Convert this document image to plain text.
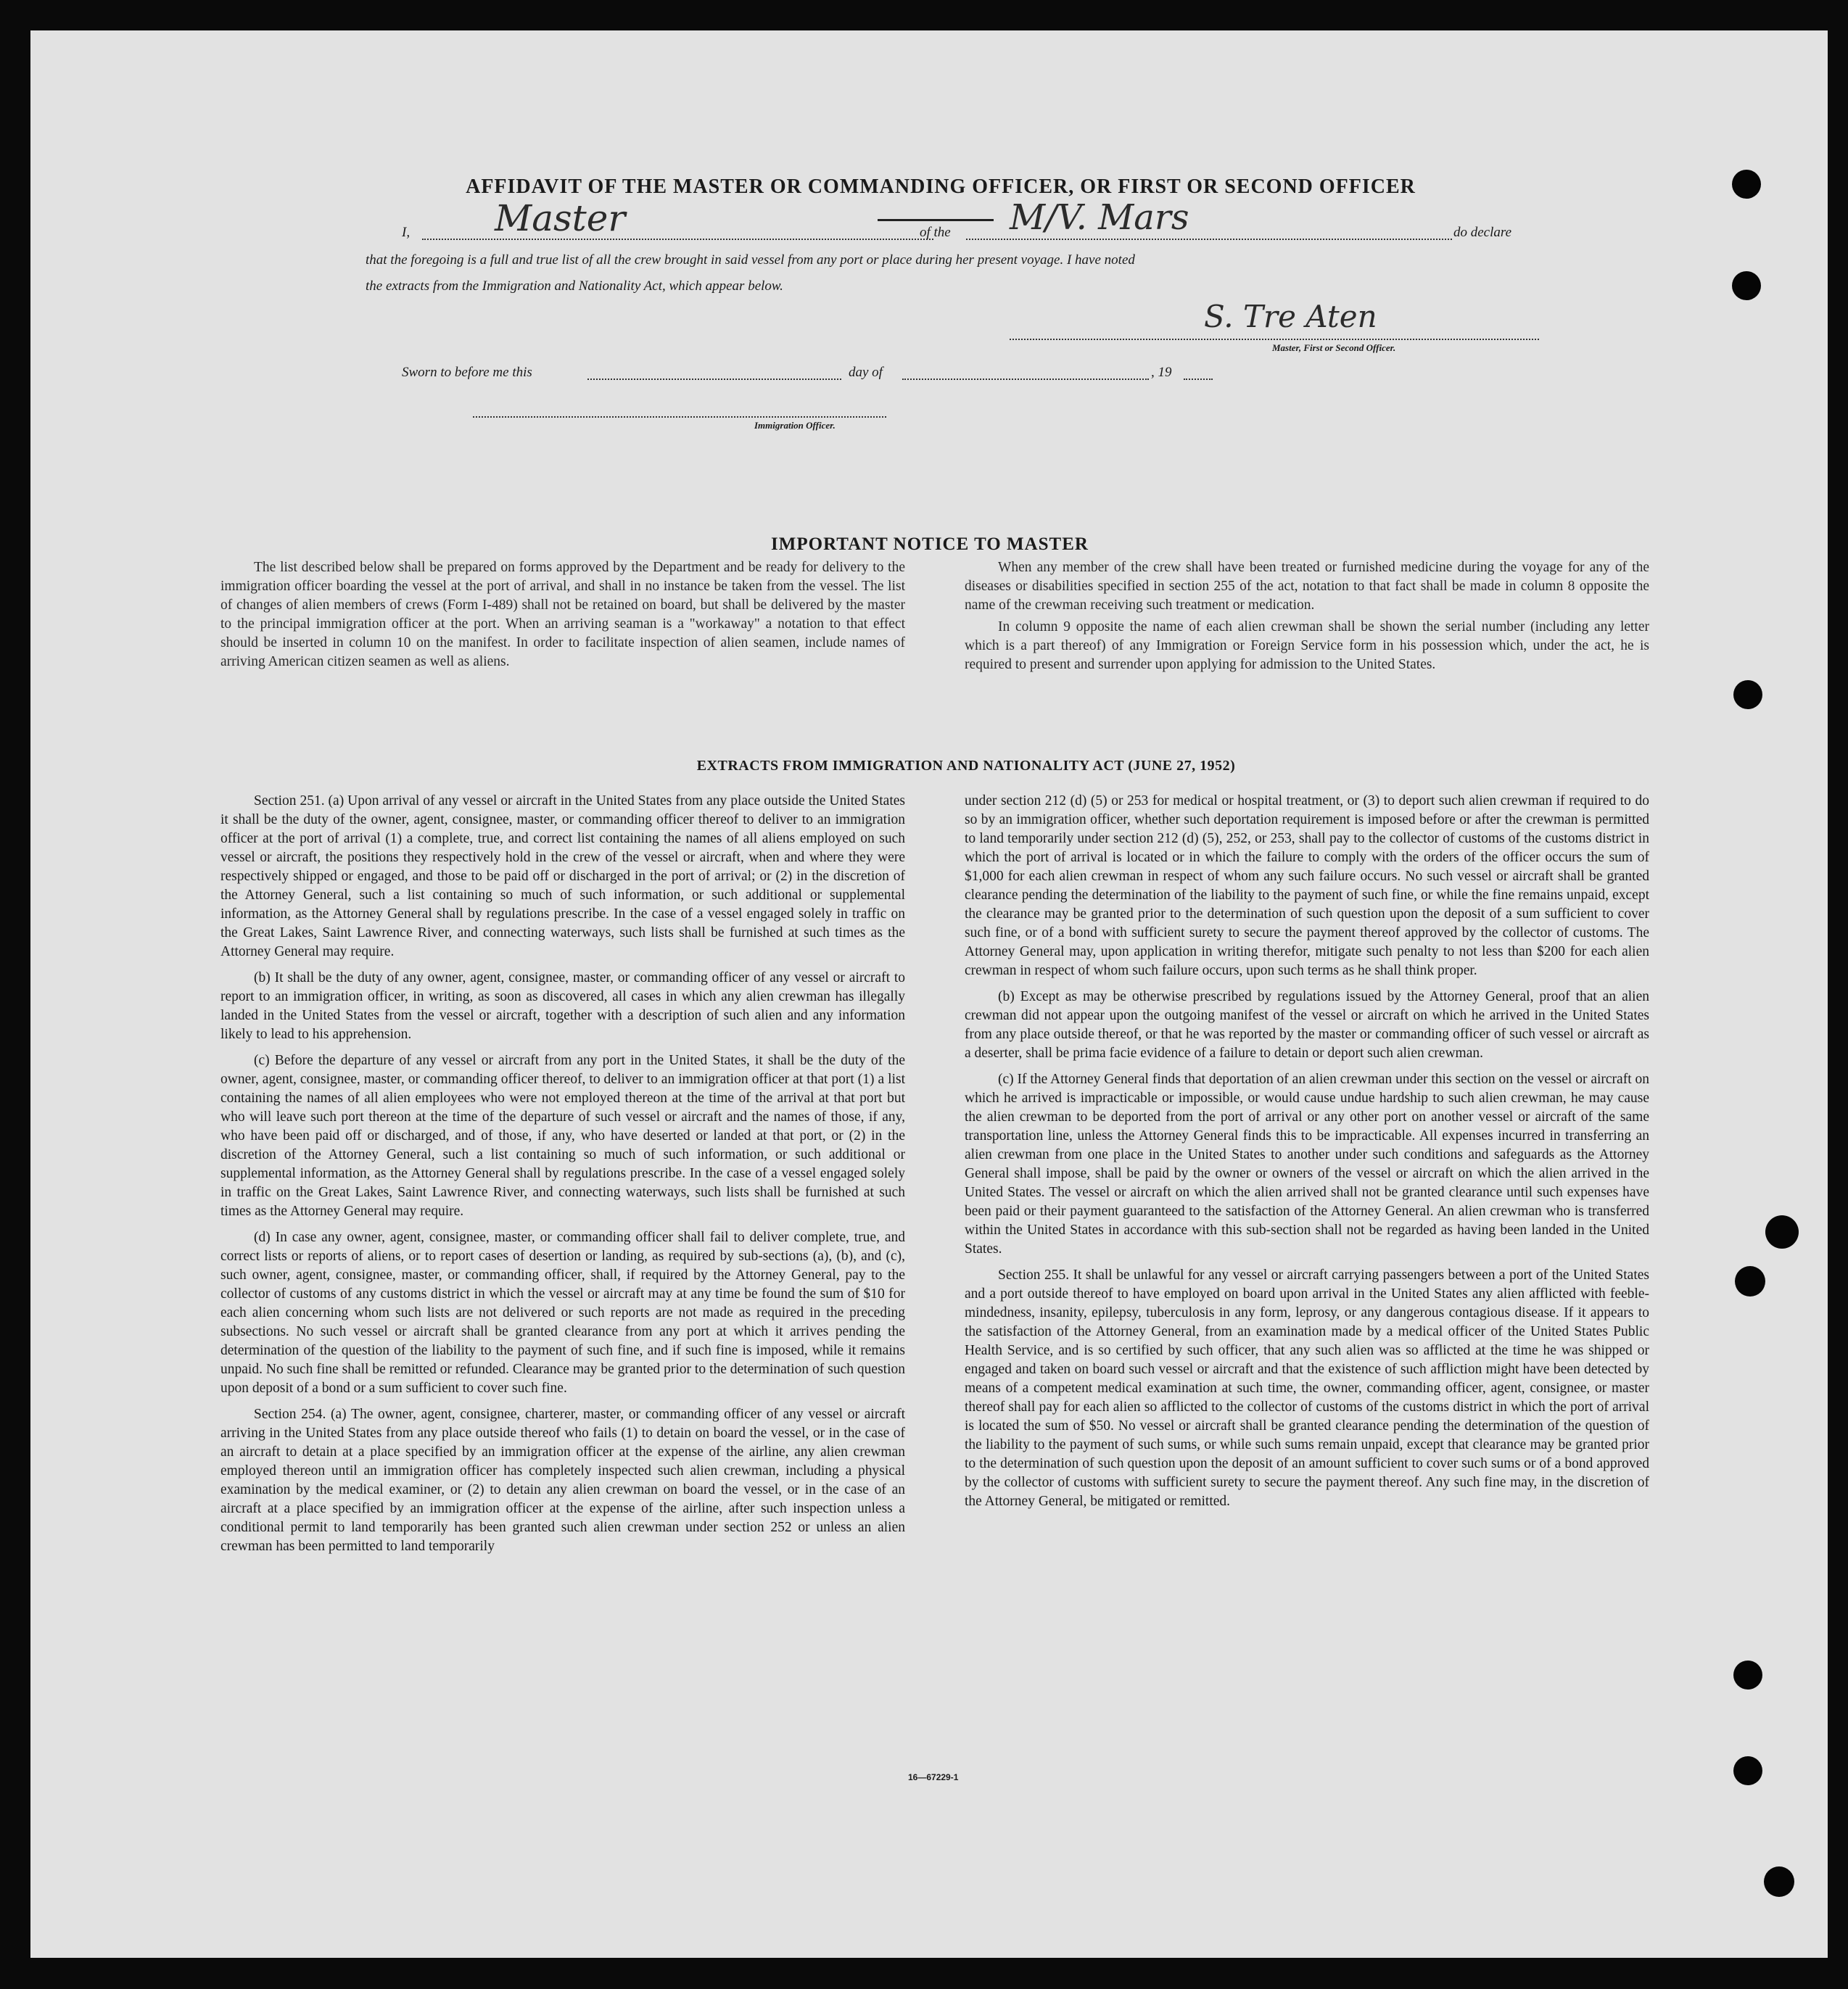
AFFIDAVIT OF THE MASTER OR COMMANDING OFFICER, OR FIRST OR SECOND OFFICER
I, Master	of the M/V. Mars	do declare
that the foregoing is a full and true list of all the crew brought in said vessel from any port or place during her present voyage. I have noted
the extracts from the Immigration and Nationality Act, which appear below.
S. Tre Aten
Master, First or Second Officer.
Sworn to before me this	day of	, 19
Immigration Officer.
IMPORTANT NOTICE TO MASTER

The list described below shall be prepared on forms approved by the Department and be ready for delivery to the immigration officer boarding the vessel at the port of arrival, and shall in no instance be taken from the vessel. The list of changes of alien members of crews (Form I-489) shall not be retained on board, but shall be delivered by the master to the principal immigration officer at the port. When an arriving seaman is a "workaway" a notation to that effect should be inserted in column 10 on the manifest. In order to facilitate inspection of alien seamen, include names of arriving American citizen seamen as well as aliens.

When any member of the crew shall have been treated or furnished medicine during the voyage for any of the diseases or disabilities specified in section 255 of the act, notation to that fact shall be made in column 8 opposite the name of the crewman receiving such treatment or medication.

In column 9 opposite the name of each alien crewman shall be shown the serial number (including any letter which is a part thereof) of any Immigration or Foreign Service form in his possession which, under the act, he is required to present and surrender upon applying for admission to the United States.

EXTRACTS FROM IMMIGRATION AND NATIONALITY ACT (JUNE 27, 1952)

Section 251. (a) Upon arrival of any vessel or aircraft in the United States from any place outside the United States it shall be the duty of the owner, agent, consignee, master, or commanding officer thereof to deliver to an immigration officer at the port of arrival (1) a complete, true, and correct list containing the names of all aliens employed on such vessel or aircraft, the positions they respectively hold in the crew of the vessel or aircraft, when and where they were respectively shipped or engaged, and those to be paid off or discharged in the port of arrival; or (2) in the discretion of the Attorney General, such a list containing so much of such information, or such additional or supplemental information, as the Attorney General shall by regulations prescribe. In the case of a vessel engaged solely in traffic on the Great Lakes, Saint Lawrence River, and connecting waterways, such lists shall be furnished at such times as the Attorney General may require.

(b) It shall be the duty of any owner, agent, consignee, master, or commanding officer of any vessel or aircraft to report to an immigration officer, in writing, as soon as discovered, all cases in which any alien crewman has illegally landed in the United States from the vessel or aircraft, together with a description of such alien and any information likely to lead to his apprehension.

(c) Before the departure of any vessel or aircraft from any port in the United States, it shall be the duty of the owner, agent, consignee, master, or commanding officer thereof, to deliver to an immigration officer at that port (1) a list containing the names of all alien employees who were not employed thereon at the time of the arrival at that port but who will leave such port thereon at the time of the departure of such vessel or aircraft and the names of those, if any, who have been paid off or discharged, and of those, if any, who have deserted or landed at that port, or (2) in the discretion of the Attorney General, such a list containing so much of such information, or such additional or supplemental information, as the Attorney General shall by regulations prescribe. In the case of a vessel engaged solely in traffic on the Great Lakes, Saint Lawrence River, and connecting waterways, such lists shall be furnished at such times as the Attorney General may require.

(d) In case any owner, agent, consignee, master, or commanding officer shall fail to deliver complete, true, and correct lists or reports of aliens, or to report cases of desertion or landing, as required by sub-sections (a), (b), and (c), such owner, agent, consignee, master, or commanding officer, shall, if required by the Attorney General, pay to the collector of customs of any customs district in which the vessel or aircraft may at any time be found the sum of $10 for each alien concerning whom such lists are not delivered or such reports are not made as required in the preceding subsections. No such vessel or aircraft shall be granted clearance from any port at which it arrives pending the determination of the question of the liability to the payment of such fine, and if such fine is imposed, while it remains unpaid. No such fine shall be remitted or refunded. Clearance may be granted prior to the determination of such question upon deposit of a bond or a sum sufficient to cover such fine.

Section 254. (a) The owner, agent, consignee, charterer, master, or commanding officer of any vessel or aircraft arriving in the United States from any place outside thereof who fails (1) to detain on board the vessel, or in the case of an aircraft to detain at a place specified by an immigration officer at the expense of the airline, any alien crewman employed thereon until an immigration officer has completely inspected such alien crewman, including a physical examination by the medical examiner, or (2) to detain any alien crewman on board the vessel, or in the case of an aircraft at a place specified by an immigration officer at the expense of the airline, after such inspection unless a conditional permit to land temporarily has been granted such alien crewman under section 252 or unless an alien crewman has been permitted to land temporarily

under section 212 (d) (5) or 253 for medical or hospital treatment, or (3) to deport such alien crewman if required to do so by an immigration officer, whether such deportation requirement is imposed before or after the crewman is permitted to land temporarily under section 212 (d) (5), 252, or 253, shall pay to the collector of customs of the customs district in which the port of arrival is located or in which the failure to comply with the orders of the officer occurs the sum of $1,000 for each alien crewman in respect of whom any such failure occurs. No such vessel or aircraft shall be granted clearance pending the determination of the liability to the payment of such fine, or while the fine remains unpaid, except the clearance may be granted prior to the determination of such question upon the deposit of a sum sufficient to cover such fine, or of a bond with sufficient surety to secure the payment thereof approved by the collector of customs. The Attorney General may, upon application in writing therefor, mitigate such penalty to not less than $200 for each alien crewman in respect of whom such failure occurs, upon such terms as he shall think proper.

(b) Except as may be otherwise prescribed by regulations issued by the Attorney General, proof that an alien crewman did not appear upon the outgoing manifest of the vessel or aircraft on which he arrived in the United States from any place outside thereof, or that he was reported by the master or commanding officer of such vessel or aircraft as a deserter, shall be prima facie evidence of a failure to detain or deport such alien crewman.

(c) If the Attorney General finds that deportation of an alien crewman under this section on the vessel or aircraft on which he arrived is impracticable or impossible, or would cause undue hardship to such alien crewman, he may cause the alien crewman to be deported from the port of arrival or any other port on another vessel or aircraft of the same transportation line, unless the Attorney General finds this to be impracticable. All expenses incurred in transferring an alien crewman from one place in the United States to another under such conditions and safeguards as the Attorney General shall impose, shall be paid by the owner or owners of the vessel or aircraft on which the alien arrived in the United States. The vessel or aircraft on which the alien arrived shall not be granted clearance until such expenses have been paid or their payment guaranteed to the satisfaction of the Attorney General. An alien crewman who is transferred within the United States in accordance with this sub-section shall not be regarded as having been landed in the United States.

Section 255. It shall be unlawful for any vessel or aircraft carrying passengers between a port of the United States and a port outside thereof to have employed on board upon arrival in the United States any alien afflicted with feeble-mindedness, insanity, epilepsy, tuberculosis in any form, leprosy, or any dangerous contagious disease. If it appears to the satisfaction of the Attorney General, from an examination made by a medical officer of the United States Public Health Service, and is so certified by such officer, that any such alien was so afflicted at the time he was shipped or engaged and taken on board such vessel or aircraft and that the existence of such affliction might have been detected by means of a competent medical examination at such time, the owner, commanding officer, agent, consignee, or master thereof shall pay for each alien so afflicted to the collector of customs of the customs district in which the port of arrival is located the sum of $50. No vessel or aircraft shall be granted clearance pending the determination of the question of the liability to the payment of such sums, or while such sums remain unpaid, except that clearance may be granted prior to the determination of such question upon the deposit of an amount sufficient to cover such sums or of a bond approved by the collector of customs with sufficient surety to secure the payment thereof. Any such fine may, in the discretion of the Attorney General, be mitigated or remitted.

16—67229-1
